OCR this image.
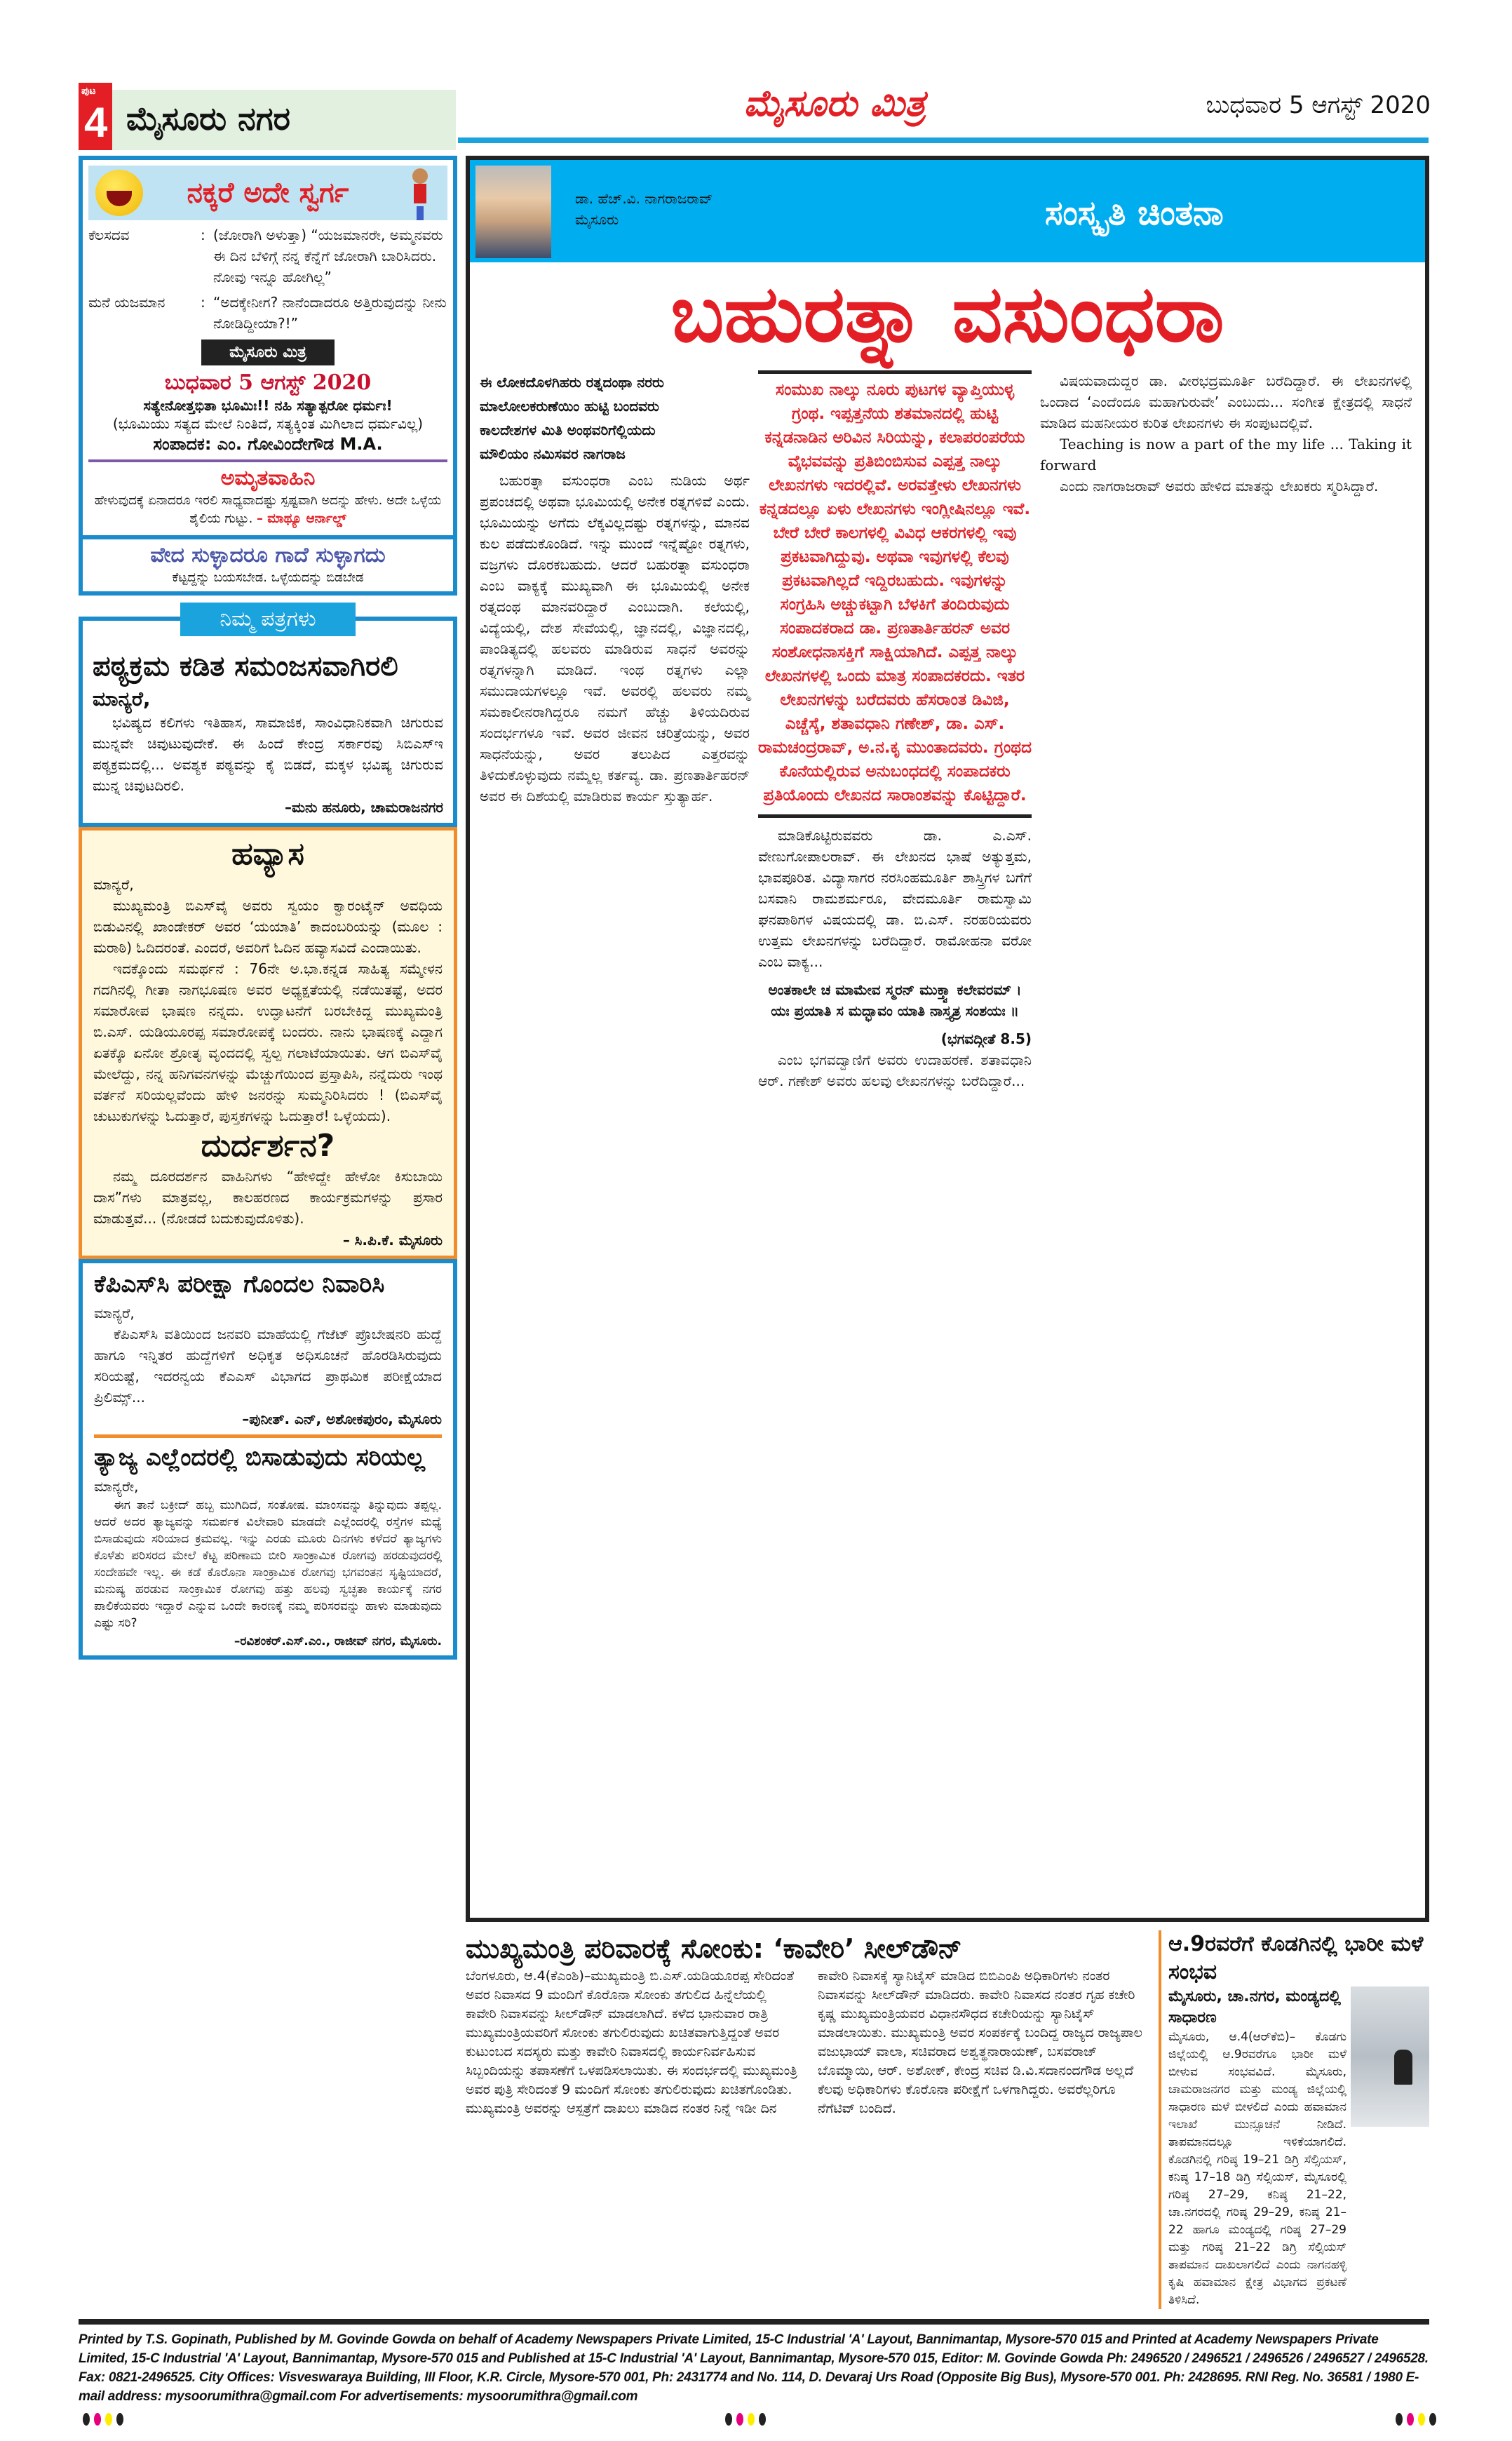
ಪುಟ
4 ಮೈಸೂರು ನಗರ	ಮೈಸೂರು ಮಿತ್ರ	ಬುಧವಾರ 5 ಆಗಸ್ಟ್ 2020
ನಕ್ಕರೆ ಅದೇ ಸ್ವರ್ಗ
ಕೆಲಸದವ	: (ಜೋರಾಗಿ ಅಳುತ್ತಾ) “ಯಜಮಾನರೇ, ಅಮ್ಮನವರು ಈ ದಿನ ಬೆಳಿಗ್ಗೆ ನನ್ನ ಕೆನ್ನೆಗೆ ಜೋರಾಗಿ ಬಾರಿಸಿದರು. ನೋವು ಇನ್ನೂ ಹೋಗಿಲ್ಲ”
ಮನೆ ಯಜಮಾನ	: “ಅದಕ್ಕೇನೀಗ? ನಾನೆಂದಾದರೂ ಅತ್ತಿರುವುದನ್ನು ನೀನು ನೋಡಿದ್ದೀಯಾ?!”
ಮೈಸೂರು ಮಿತ್ರ
ಬುಧವಾರ 5 ಆಗಸ್ಟ್ 2020
ಸತ್ಯೇನೋತ್ತಭಿತಾ ಭೂಮಿಃ!! ನಹಿ ಸತ್ಯಾತ್ಪರೋ ಧರ್ಮಃ!
(ಭೂಮಿಯು ಸತ್ಯದ ಮೇಲೆ ನಿಂತಿದೆ, ಸತ್ಯಕ್ಕಿಂತ ಮಿಗಿಲಾದ ಧರ್ಮವಿಲ್ಲ)
ಸಂಪಾದಕ: ಎಂ. ಗೋವಿಂದೇಗೌಡ M.A.
ಅಮೃತವಾಹಿನಿ
ಹೇಳುವುದಕ್ಕೆ ಏನಾದರೂ ಇರಲಿ ಸಾಧ್ಯವಾದಷ್ಟು ಸ್ಪಷ್ಟವಾಗಿ ಅದನ್ನು ಹೇಳು. ಅದೇ ಒಳ್ಳೆಯ ಶೈಲಿಯ ಗುಟ್ಟು. – ಮಾಥ್ಯೂ ಆರ್ನಾಲ್ಡ್
ವೇದ ಸುಳ್ಳಾದರೂ ಗಾದೆ ಸುಳ್ಳಾಗದು
ಕೆಟ್ಟದ್ದನ್ನು ಬಯಸಬೇಡ. ಒಳ್ಳೆಯದನ್ನು ಬಿಡಬೇಡ
ನಿಮ್ಮ ಪತ್ರಗಳು
ಪಠ್ಯಕ್ರಮ ಕಡಿತ ಸಮಂಜಸವಾಗಿರಲಿ
ಮಾನ್ಯರೆ,

ಭವಿಷ್ಯದ ಕಲಿಗಳು ಇತಿಹಾಸ, ಸಾಮಾಜಿಕ, ಸಾಂವಿಧಾನಿಕವಾಗಿ ಚಿಗುರುವ ಮುನ್ನವೇ ಚಿವುಟುವುದೇಕೆ. ಈ ಹಿಂದೆ ಕೇಂದ್ರ ಸರ್ಕಾರವು ಸಿಬಿಎಸ್‌ಇ ಪಠ್ಯಕ್ರಮದಲ್ಲಿ... ಅವಶ್ಯಕ ಪಠ್ಯವನ್ನು ಕೈ ಬಿಡದೆ, ಮಕ್ಕಳ ಭವಿಷ್ಯ ಚಿಗುರುವ ಮುನ್ನ ಚಿವುಟದಿರಲಿ.

–ಮನು ಹನೂರು, ಚಾಮರಾಜನಗರ
ಹವ್ಯಾಸ
ಮಾನ್ಯರೆ,

ಮುಖ್ಯಮಂತ್ರಿ ಬಿಎಸ್‌ವೈ ಅವರು ಸ್ವಯಂ ಕ್ವಾರಂಟೈನ್ ಅವಧಿಯ ಬಿಡುವಿನಲ್ಲಿ ಖಾಂಡೇಕರ್ ಅವರ ‘ಯಯಾತಿ’ ಕಾದಂಬರಿಯನ್ನು (ಮೂಲ : ಮರಾಠಿ) ಓದಿದರಂತೆ. ಎಂದರೆ, ಅವರಿಗೆ ಓದಿನ ಹವ್ಯಾಸವಿದೆ ಎಂದಾಯಿತು.

ಇದಕ್ಕೊಂದು ಸಮರ್ಥನೆ : 76ನೇ ಅ.ಭಾ.ಕನ್ನಡ ಸಾಹಿತ್ಯ ಸಮ್ಮೇಳನ ಗದಗಿನಲ್ಲಿ ಗೀತಾ ನಾಗಭೂಷಣ ಅವರ ಅಧ್ಯಕ್ಷತೆಯಲ್ಲಿ ನಡೆಯಿತಷ್ಟೆ, ಅದರ ಸಮಾರೋಪ ಭಾಷಣ ನನ್ನದು. ಉದ್ಘಾಟನೆಗೆ ಬರಬೇಕಿದ್ದ ಮುಖ್ಯಮಂತ್ರಿ ಬಿ.ಎಸ್. ಯಡಿಯೂರಪ್ಪ ಸಮಾರೋಪಕ್ಕೆ ಬಂದರು. ನಾನು ಭಾಷಣಕ್ಕೆ ಎದ್ದಾಗ ಏತಕ್ಕೊ ಏನೋ ಶ್ರೋತೃ ವೃಂದದಲ್ಲಿ ಸ್ವಲ್ಪ ಗಲಾಟೆಯಾಯಿತು. ಆಗ ಬಿಎಸ್‌ವೈ ಮೇಲೆದ್ದು, ನನ್ನ ಹನಿಗವನಗಳನ್ನು ಮೆಚ್ಚುಗೆಯಿಂದ ಪ್ರಸ್ತಾಪಿಸಿ, ನನ್ನೆದುರು ಇಂಥ ವರ್ತನೆ ಸರಿಯಲ್ಲವೆಂದು ಹೇಳಿ ಜನರನ್ನು ಸುಮ್ಮನಿರಿಸಿದರು ! (ಬಿಎಸ್‌ವೈ ಚುಟುಕುಗಳನ್ನು ಓದುತ್ತಾರೆ, ಪುಸ್ತಕಗಳನ್ನು ಓದುತ್ತಾರೆ! ಒಳ್ಳೆಯದು).

ದುರ್ದರ್ಶನ?

ನಮ್ಮ ದೂರದರ್ಶನ ವಾಹಿನಿಗಳು “ಹೇಳಿದ್ದೇ ಹೇಳೋ ಕಿಸುಬಾಯಿ ದಾಸ”ಗಳು ಮಾತ್ರವಲ್ಲ, ಕಾಲಹರಣದ ಕಾರ್ಯಕ್ರಮಗಳನ್ನು ಪ್ರಸಾರ ಮಾಡುತ್ತವೆ... (ನೋಡದೆ ಬದುಕುವುದೊಳಿತು).

– ಸಿ.ಪಿ.ಕೆ. ಮೈಸೂರು
ಕೆಪಿಎಸ್‌ಸಿ ಪರೀಕ್ಷಾ ಗೊಂದಲ ನಿವಾರಿಸಿ
ಮಾನ್ಯರೆ,

ಕೆಪಿಎಸ್‌ಸಿ ವತಿಯಿಂದ ಜನವರಿ ಮಾಹೆಯಲ್ಲಿ ಗೆಜೆಟ್ ಪ್ರೊಬೇಷನರಿ ಹುದ್ದೆ ಹಾಗೂ ಇನ್ನಿತರ ಹುದ್ದೆಗಳಿಗೆ ಅಧಿಕೃತ ಅಧಿಸೂಚನೆ ಹೊರಡಿಸಿರುವುದು ಸರಿಯಷ್ಟೆ, ಇದರನ್ವಯ ಕೆಎಎಸ್ ವಿಭಾಗದ ಪ್ರಾಥಮಿಕ ಪರೀಕ್ಷೆಯಾದ ಪ್ರಿಲಿಮ್ಸ್...

–ಪುನೀತ್. ಎನ್, ಅಶೋಕಪುರಂ, ಮೈಸೂರು
ತ್ಯಾಜ್ಯ ಎಲ್ಲೆಂದರಲ್ಲಿ ಬಿಸಾಡುವುದು ಸರಿಯಲ್ಲ
ಮಾನ್ಯರೇ,

ಈಗ ತಾನೆ ಬಕ್ರೀದ್ ಹಬ್ಬ ಮುಗಿದಿದೆ, ಸಂತೋಷ. ಮಾಂಸವನ್ನು ತಿನ್ನುವುದು ತಪ್ಪಲ್ಲ. ಆದರೆ ಅದರ ತ್ಯಾಜ್ಯವನ್ನು ಸಮರ್ಪಕ ವಿಲೇವಾರಿ ಮಾಡದೇ ಎಲ್ಲೆಂದರಲ್ಲಿ ರಸ್ತೆಗಳ ಮಧ್ಯೆ ಬಿಸಾಡುವುದು ಸರಿಯಾದ ಕ್ರಮವಲ್ಲ. ಇನ್ನು ಎರಡು ಮೂರು ದಿನಗಳು ಕಳೆದರೆ ತ್ಯಾಜ್ಯಗಳು ಕೊಳೆತು ಪರಿಸರದ ಮೇಲೆ ಕೆಟ್ಟ ಪರಿಣಾಮ ಬೀರಿ ಸಾಂಕ್ರಾಮಿಕ ರೋಗವು ಹರಡುವುದರಲ್ಲಿ ಸಂದೇಹವೇ ಇಲ್ಲ. ಈ ಕಡೆ ಕೊರೊನಾ ಸಾಂಕ್ರಾಮಿಕ ರೋಗವು ಭಗವಂತನ ಸೃಷ್ಟಿಯಾದರೆ, ಮನುಷ್ಯ ಹರಡುವ ಸಾಂಕ್ರಾಮಿಕ ರೋಗವು ಹತ್ತು ಹಲವು ಸ್ವಚ್ಛತಾ ಕಾರ್ಯಕ್ಕೆ ನಗರ ಪಾಲಿಕೆಯವರು ಇದ್ದಾರೆ ಎನ್ನುವ ಒಂದೇ ಕಾರಣಕ್ಕೆ ನಮ್ಮ ಪರಿಸರವನ್ನು ಹಾಳು ಮಾಡುವುದು ಎಷ್ಟು ಸರಿ?

–ರವಿಶಂಕರ್.ಎಸ್.ಎಂ., ರಾಜೀವ್ ನಗರ, ಮೈಸೂರು.
ಡಾ. ಹೆಚ್.ವಿ. ನಾಗರಾಜರಾವ್
ಮೈಸೂರು	ಸಂಸ್ಕೃತಿ ಚಿಂತನಾ
ಬಹುರತ್ನಾ ವಸುಂಧರಾ
ಈ ಲೋಕದೊಳಗಿಹರು ರತ್ನದಂಥಾ ನರರು
ಮಾಲೋಲಕರುಣೆಯಿಂ ಹುಟ್ಟಿ ಬಂದವರು
ಕಾಲದೇಶಗಳ ಮಿತಿ ಅಂಥವರಿಗೆಲ್ಲಿಯದು
ಮೌಲಿಯಂ ನಮಿಸವರ ನಾಗರಾಜ

ಬಹುರತ್ನಾ ವಸುಂಧರಾ ಎಂಬ ನುಡಿಯ ಅರ್ಥ ಪ್ರಪಂಚದಲ್ಲಿ ಅಥವಾ ಭೂಮಿಯಲ್ಲಿ ಅನೇಕ ರತ್ನಗಳಿವೆ ಎಂದು. ಭೂಮಿಯನ್ನು ಅಗೆದು ಲೆಕ್ಕವಿಲ್ಲದಷ್ಟು ರತ್ನಗಳನ್ನು, ಮಾನವ ಕುಲ ಪಡೆದುಕೊಂಡಿದೆ. ಇನ್ನು ಮುಂದೆ ಇನ್ನೆಷ್ಟೋ ರತ್ನಗಳು, ವಜ್ರಗಳು ದೊರಕಬಹುದು. ಆದರೆ ಬಹುರತ್ನಾ ವಸುಂಧರಾ ಎಂಬ ವಾಕ್ಯಕ್ಕೆ ಮುಖ್ಯವಾಗಿ ಈ ಭೂಮಿಯಲ್ಲಿ ಅನೇಕ ರತ್ನದಂಥ ಮಾನವರಿದ್ದಾರೆ ಎಂಬುದಾಗಿ. ಕಲೆಯಲ್ಲಿ, ವಿದ್ಯೆಯಲ್ಲಿ, ದೇಶ ಸೇವೆಯಲ್ಲಿ, ಜ್ಞಾನದಲ್ಲಿ, ವಿಜ್ಞಾನದಲ್ಲಿ, ಪಾಂಡಿತ್ಯದಲ್ಲಿ ಹಲವರು ಮಾಡಿರುವ ಸಾಧನೆ ಅವರನ್ನು ರತ್ನಗಳನ್ನಾಗಿ ಮಾಡಿದೆ. ಇಂಥ ರತ್ನಗಳು ಎಲ್ಲಾ ಸಮುದಾಯಗಳಲ್ಲೂ ಇವೆ. ಅವರಲ್ಲಿ ಹಲವರು ನಮ್ಮ ಸಮಕಾಲೀನರಾಗಿದ್ದರೂ ನಮಗೆ ಹೆಚ್ಚು ತಿಳಿಯದಿರುವ ಸಂದರ್ಭಗಳೂ ಇವೆ. ಅವರ ಜೀವನ ಚರಿತ್ರೆಯನ್ನು, ಅವರ ಸಾಧನೆಯನ್ನು, ಅವರ ತಲುಪಿದ ಎತ್ತರವನ್ನು ತಿಳಿದುಕೊಳ್ಳುವುದು ನಮ್ಮೆಲ್ಲ ಕರ್ತವ್ಯ. ಡಾ. ಪ್ರಣತಾರ್ತಿಹರನ್ ಅವರ ಈ ದಿಶೆಯಲ್ಲಿ ಮಾಡಿರುವ ಕಾರ್ಯ ಸ್ತುತ್ಯಾರ್ಹ.

ಸಂಮುಖ ನಾಲ್ಕು ನೂರು ಪುಟಗಳ ವ್ಯಾಪ್ತಿಯುಳ್ಳ ಗ್ರಂಥ. ಇಪ್ಪತ್ತನೆಯ ಶತಮಾನದಲ್ಲಿ ಹುಟ್ಟಿ ಕನ್ನಡನಾಡಿನ ಅರಿವಿನ ಸಿರಿಯನ್ನು, ಕಲಾಪರಂಪರೆಯ ವೈಭವವನ್ನು ಪ್ರತಿಬಿಂಬಿಸುವ ಎಪ್ಪತ್ತ ನಾಲ್ಕು ಲೇಖನಗಳು ಇದರಲ್ಲಿವೆ. ಅರವತ್ತೇಳು ಲೇಖನಗಳು ಕನ್ನಡದಲ್ಲೂ ಏಳು ಲೇಖನಗಳು ಇಂಗ್ಲೀಷಿನಲ್ಲೂ ಇವೆ. ಬೇರೆ ಬೇರೆ ಕಾಲಗಳಲ್ಲಿ ವಿವಿಧ ಆಕರಗಳಲ್ಲಿ ಇವು ಪ್ರಕಟವಾಗಿದ್ದುವು. ಅಥವಾ ಇವುಗಳಲ್ಲಿ ಕೆಲವು ಪ್ರಕಟವಾಗಿಲ್ಲದೆ ಇದ್ದಿರಬಹುದು. ಇವುಗಳನ್ನು ಸಂಗ್ರಹಿಸಿ ಅಚ್ಚುಕಟ್ಟಾಗಿ ಬೆಳಕಿಗೆ ತಂದಿರುವುದು ಸಂಪಾದಕರಾದ ಡಾ. ಪ್ರಣತಾರ್ತಿಹರನ್ ಅವರ ಸಂಶೋಧನಾಸಕ್ತಿಗೆ ಸಾಕ್ಷಿಯಾಗಿದೆ. ಎಪ್ಪತ್ತ ನಾಲ್ಕು ಲೇಖನಗಳಲ್ಲಿ ಒಂದು ಮಾತ್ರ ಸಂಪಾದಕರದು. ಇತರ ಲೇಖನಗಳನ್ನು ಬರೆದವರು ಹೆಸರಾಂತ ಡಿವಿಜಿ, ಎಚ್ಚೆಸ್ಕೆ, ಶತಾವಧಾನಿ ಗಣೇಶ್, ಡಾ. ಎಸ್. ರಾಮಚಂದ್ರರಾವ್, ಅ.ನ.ಕೃ ಮುಂತಾದವರು. ಗ್ರಂಥದ ಕೊನೆಯಲ್ಲಿರುವ ಅನುಬಂಧದಲ್ಲಿ ಸಂಪಾದಕರು ಪ್ರತಿಯೊಂದು ಲೇಖನದ ಸಾರಾಂಶವನ್ನು ಕೊಟ್ಟಿದ್ದಾರೆ.

ಮಾಡಿಕೊಟ್ಟಿರುವವರು ಡಾ. ಎ.ಎಸ್. ವೇಣುಗೋಪಾಲರಾವ್. ಈ ಲೇಖನದ ಭಾಷೆ ಅತ್ಯುತ್ತಮ, ಭಾವಪೂರಿತ. ವಿದ್ಯಾಸಾಗರ ನರಸಿಂಹಮೂರ್ತಿ ಶಾಸ್ತ್ರಿಗಳ ಬಗೆಗೆ ಬಸವಾನಿ ರಾಮಶರ್ಮರೂ, ವೇದಮೂರ್ತಿ ರಾಮಸ್ವಾಮಿ ಘನಪಾಠಿಗಳ ವಿಷಯದಲ್ಲಿ ಡಾ. ಬಿ.ಎಸ್. ನರಹರಿಯವರು ಉತ್ತಮ ಲೇಖನಗಳನ್ನು ಬರೆದಿದ್ದಾರೆ. ರಾಮೋಹನಾ ವರೋ ಎಂಬ ವಾಕ್ಯ...

ಅಂತಕಾಲೇ ಚ ಮಾಮೇವ ಸ್ಮರನ್ ಮುಕ್ತ್ವಾ ಕಲೇವರಮ್ । ಯಃ ಪ್ರಯಾತಿ ಸ ಮದ್ಭಾವಂ ಯಾತಿ ನಾಸ್ತ್ಯತ್ರ ಸಂಶಯಃ ॥
(ಭಗವದ್ಗೀತೆ 8.5)

ಎಂಬ ಭಗವದ್ವಾಣಿಗೆ ಅವರು ಉದಾಹರಣೆ. ಶತಾವಧಾನಿ ಆರ್. ಗಣೇಶ್ ಅವರು ಹಲವು ಲೇಖನಗಳನ್ನು ಬರೆದಿದ್ದಾರೆ...

ವಿಷಯವಾದುದ್ದರ ಡಾ. ವೀರಭದ್ರಮೂರ್ತಿ ಬರೆದಿದ್ದಾರೆ. ಈ ಲೇಖನಗಳಲ್ಲಿ ಒಂದಾದ ‘ಎಂದೆಂದೂ ಮಹಾಗುರುವೇ’ ಎಂಬುದು... ಸಂಗೀತ ಕ್ಷೇತ್ರದಲ್ಲಿ ಸಾಧನೆ ಮಾಡಿದ ಮಹನೀಯರ ಕುರಿತ ಲೇಖನಗಳು ಈ ಸಂಪುಟದಲ್ಲಿವೆ.

Teaching is now a part of the my life ... Taking it forward

ಎಂದು ನಾಗರಾಜರಾವ್ ಅವರು ಹೇಳಿದ ಮಾತನ್ನು ಲೇಖಕರು ಸ್ಮರಿಸಿದ್ದಾರೆ.

ಮುಖ್ಯಮಂತ್ರಿ ಪರಿವಾರಕ್ಕೆ ಸೋಂಕು: ‘ಕಾವೇರಿ’ ಸೀಲ್‌ಡೌನ್
ಬೆಂಗಳೂರು, ಆ.4(ಕೆಎಂಶಿ)–ಮುಖ್ಯಮಂತ್ರಿ ಬಿ.ಎಸ್.ಯಡಿಯೂರಪ್ಪ ಸೇರಿದಂತೆ ಅವರ ನಿವಾಸದ 9 ಮಂದಿಗೆ ಕೊರೊನಾ ಸೋಂಕು ತಗುಲಿದ ಹಿನ್ನೆಲೆಯಲ್ಲಿ ಕಾವೇರಿ ನಿವಾಸವನ್ನು ಸೀಲ್‌ಡೌನ್ ಮಾಡಲಾಗಿದೆ. ಕಳೆದ ಭಾನುವಾರ ರಾತ್ರಿ ಮುಖ್ಯಮಂತ್ರಿಯವರಿಗೆ ಸೋಂಕು ತಗುಲಿರುವುದು ಖಚಿತವಾಗುತ್ತಿದ್ದಂತೆ ಅವರ ಕುಟುಂಬದ ಸದಸ್ಯರು ಮತ್ತು ಕಾವೇರಿ ನಿವಾಸದಲ್ಲಿ ಕಾರ್ಯನಿರ್ವಹಿಸುವ ಸಿಬ್ಬಂದಿಯನ್ನು ತಪಾಸಣೆಗೆ ಒಳಪಡಿಸಲಾಯಿತು. ಈ ಸಂದರ್ಭದಲ್ಲಿ ಮುಖ್ಯಮಂತ್ರಿ ಅವರ ಪುತ್ರಿ ಸೇರಿದಂತೆ 9 ಮಂದಿಗೆ ಸೋಂಕು ತಗುಲಿರುವುದು ಖಚಿತಗೊಂಡಿತು. ಮುಖ್ಯಮಂತ್ರಿ ಅವರನ್ನು ಆಸ್ಪತ್ರೆಗೆ ದಾಖಲು ಮಾಡಿದ ನಂತರ ನಿನ್ನೆ ಇಡೀ ದಿನ ಕಾವೇರಿ ನಿವಾಸಕ್ಕೆ ಸ್ಯಾನಿಟೈಸ್ ಮಾಡಿದ ಬಿಬಿಎಂಪಿ ಅಧಿಕಾರಿಗಳು ನಂತರ ನಿವಾಸವನ್ನು ಸೀಲ್‌ಡೌನ್ ಮಾಡಿದರು. ಕಾವೇರಿ ನಿವಾಸದ ನಂತರ ಗೃಹ ಕಚೇರಿ ಕೃಷ್ಣ ಮುಖ್ಯಮಂತ್ರಿಯವರ ವಿಧಾನಸೌಧದ ಕಚೇರಿಯನ್ನು ಸ್ಯಾನಿಟೈಸ್ ಮಾಡಲಾಯಿತು. ಮುಖ್ಯಮಂತ್ರಿ ಅವರ ಸಂಪರ್ಕಕ್ಕೆ ಬಂದಿದ್ದ ರಾಜ್ಯದ ರಾಜ್ಯಪಾಲ ವಜುಭಾಯ್ ವಾಲಾ, ಸಚಿವರಾದ ಅಶ್ವತ್ಥನಾರಾಯಣ್, ಬಸವರಾಜ್ ಬೊಮ್ಮಾಯಿ, ಆರ್. ಅಶೋಕ್, ಕೇಂದ್ರ ಸಚಿವ ಡಿ.ವಿ.ಸದಾನಂದಗೌಡ ಅಲ್ಲದೆ ಕೆಲವು ಅಧಿಕಾರಿಗಳು ಕೊರೊನಾ ಪರೀಕ್ಷೆಗೆ ಒಳಗಾಗಿದ್ದರು. ಅವರೆಲ್ಲರಿಗೂ ನೆಗೆಟಿವ್ ಬಂದಿದೆ.
ಆ.9ರವರೆಗೆ ಕೊಡಗಿನಲ್ಲಿ ಭಾರೀ ಮಳೆ ಸಂಭವ
ಮೈಸೂರು, ಚಾ.ನಗರ, ಮಂಡ್ಯದಲ್ಲಿ ಸಾಧಾರಣ
ಮೈಸೂರು, ಆ.4(ಆರ್‌ಕೆಬಿ)– ಕೊಡಗು ಜಿಲ್ಲೆಯಲ್ಲಿ ಆ.9ರವರೆಗೂ ಭಾರೀ ಮಳೆ ಬೀಳುವ ಸಂಭವವಿದೆ. ಮೈಸೂರು, ಚಾಮರಾಜನಗರ ಮತ್ತು ಮಂಡ್ಯ ಜಿಲ್ಲೆಯಲ್ಲಿ ಸಾಧಾರಣ ಮಳೆ ಬೀಳಲಿದೆ ಎಂದು ಹವಾಮಾನ ಇಲಾಖೆ ಮುನ್ಸೂಚನೆ ನೀಡಿದೆ. ತಾಪಮಾನದಲ್ಲೂ ಇಳಿಕೆಯಾಗಲಿದೆ. ಕೊಡಗಿನಲ್ಲಿ ಗರಿಷ್ಠ 19–21 ಡಿಗ್ರಿ ಸೆಲ್ಸಿಯಸ್, ಕನಿಷ್ಠ 17–18 ಡಿಗ್ರಿ ಸೆಲ್ಸಿಯಸ್, ಮೈಸೂರಲ್ಲಿ ಗರಿಷ್ಠ 27–29, ಕನಿಷ್ಠ 21–22, ಚಾ.ನಗರದಲ್ಲಿ ಗರಿಷ್ಠ 29–29, ಕನಿಷ್ಠ 21–22 ಹಾಗೂ ಮಂಡ್ಯದಲ್ಲಿ ಗರಿಷ್ಠ 27–29 ಮತ್ತು ಗರಿಷ್ಠ 21–22 ಡಿಗ್ರಿ ಸೆಲ್ಸಿಯಸ್ ತಾಪಮಾನ ದಾಖಲಾಗಲಿದೆ ಎಂದು ನಾಗನಹಳ್ಳಿ ಕೃಷಿ ಹವಾಮಾನ ಕ್ಷೇತ್ರ ವಿಭಾಗದ ಪ್ರಕಟಣೆ ತಿಳಿಸಿದೆ.
Printed by T.S. Gopinath, Published by M. Govinde Gowda on behalf of Academy Newspapers Private Limited, 15-C Industrial 'A' Layout, Bannimantap, Mysore-570 015 and Printed at Academy Newspapers Private Limited, 15-C Industrial 'A' Layout, Bannimantap, Mysore-570 015 and Published at 15-C Industrial 'A' Layout, Bannimantap, Mysore-570 015, Editor: M. Govinde Gowda Ph: 2496520 / 2496521 / 2496526 / 2496527 / 2496528. Fax: 0821-2496525. City Offices: Visveswaraya Building, III Floor, K.R. Circle, Mysore-570 001, Ph: 2431774 and No. 114, D. Devaraj Urs Road (Opposite Big Bus), Mysore-570 001. Ph: 2428695. RNI Reg. No. 36581 / 1980 E-mail address: mysoorumithra@gmail.com For advertisements: mysoorumithra@gmail.com
